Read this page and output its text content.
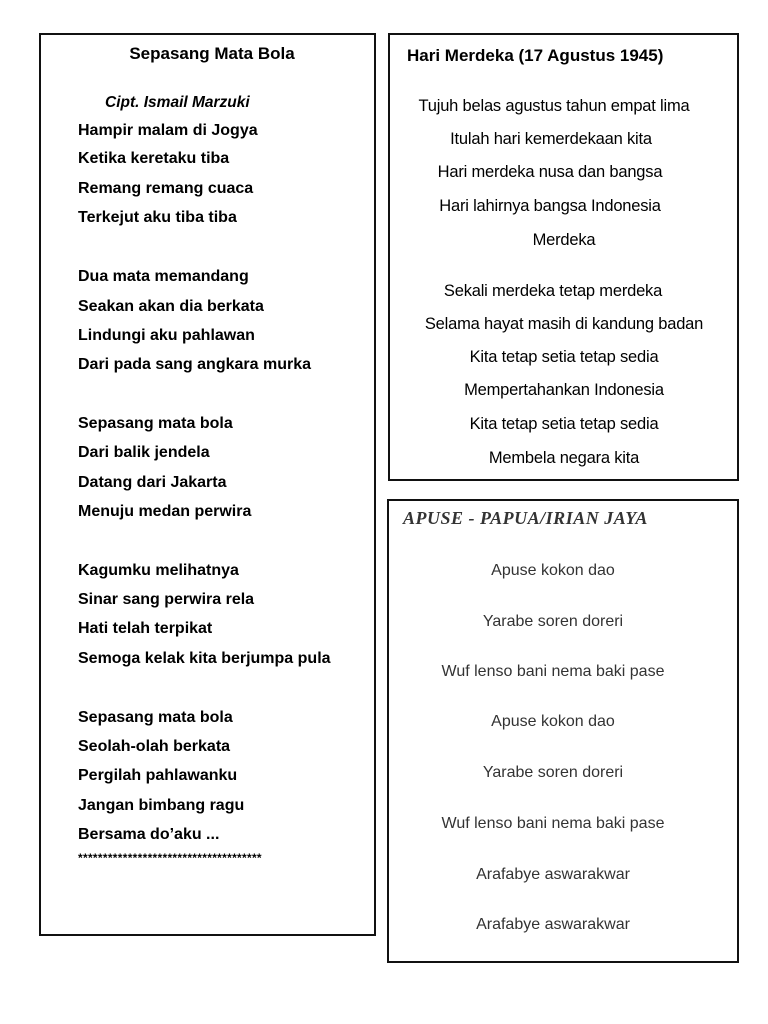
Sepasang Mata Bola
Cipt. Ismail Marzuki
Hampir malam di Jogya
Ketika keretaku tiba
Remang remang cuaca
Terkejut aku tiba tiba
Dua mata memandang
Seakan akan dia berkata
Lindungi aku pahlawan
Dari pada sang angkara murka
Sepasang mata bola
Dari balik jendela
Datang dari Jakarta
Menuju medan perwira
Kagumku melihatnya
Sinar sang perwira rela
Hati telah terpikat
Semoga kelak kita berjumpa pula
Sepasang mata bola
Seolah-olah berkata
Pergilah pahlawanku
Jangan bimbang ragu
Bersama do’aku ...
*************************************
Hari Merdeka (17 Agustus 1945)
Tujuh belas agustus tahun empat lima
Itulah hari kemerdekaan kita
Hari merdeka nusa dan bangsa
Hari lahirnya bangsa Indonesia
Merdeka
Sekali merdeka tetap merdeka
Selama hayat masih di kandung badan
Kita tetap setia tetap sedia
Mempertahankan Indonesia
Kita tetap setia tetap sedia
Membela negara kita
APUSE - PAPUA/IRIAN JAYA
Apuse kokon dao
Yarabe soren doreri
Wuf lenso bani nema baki pase
Apuse kokon dao
Yarabe soren doreri
Wuf lenso bani nema baki pase
Arafabye aswarakwar
Arafabye aswarakwar
